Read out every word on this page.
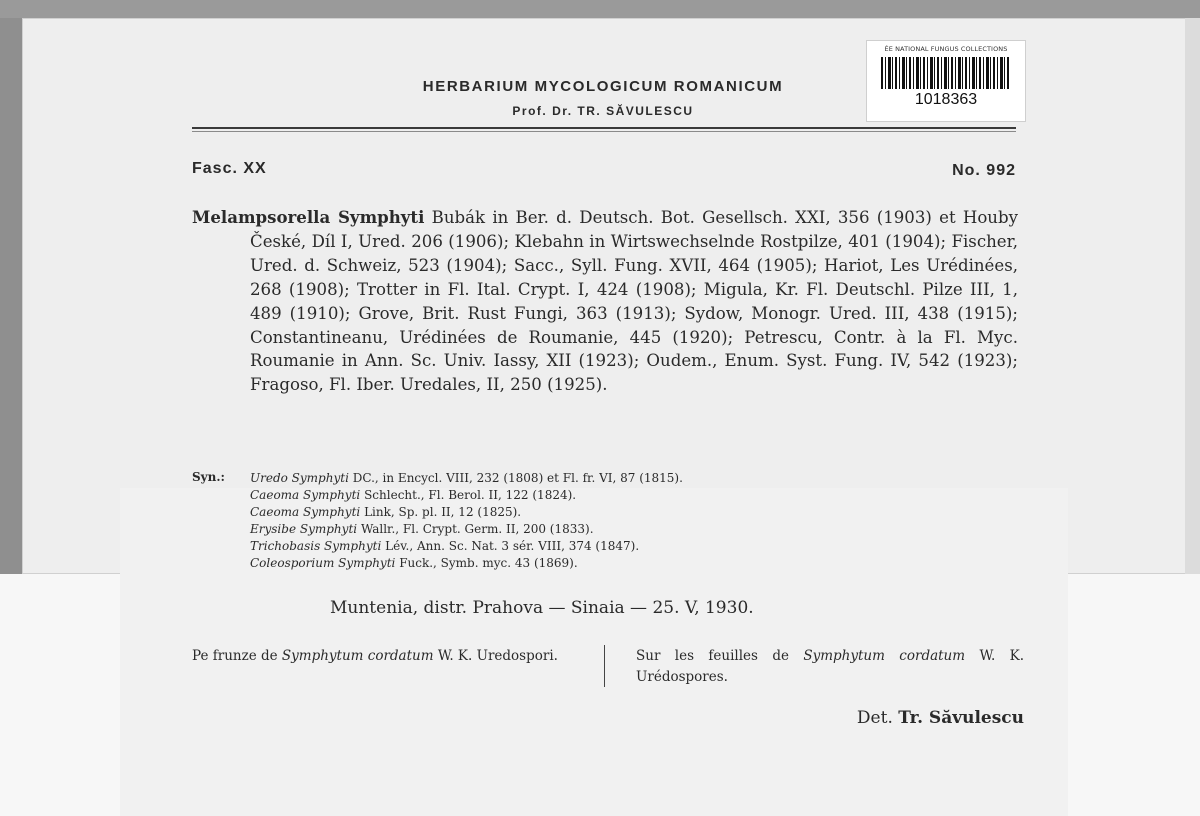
ÉE NATIONAL FUNGUS COLLECTIONS
1018363
HERBARIUM MYCOLOGICUM ROMANICUM
Prof. Dr. TR. SĂVULESCU
Fasc. XX	No. 992
Melampsorella Symphyti Bubák in Ber. d. Deutsch. Bot. Gesellsch. XXI, 356 (1903) et Houby České, Díl I, Ured. 206 (1906); Klebahn in Wirtswechselnde Rostpilze, 401 (1904); Fischer, Ured. d. Schweiz, 523 (1904); Sacc., Syll. Fung. XVII, 464 (1905); Hariot, Les Urédinées, 268 (1908); Trotter in Fl. Ital. Crypt. I, 424 (1908); Migula, Kr. Fl. Deutschl. Pilze III, 1, 489 (1910); Grove, Brit. Rust Fungi, 363 (1913); Sydow, Monogr. Ured. III, 438 (1915); Constantineanu, Urédinées de Roumanie, 445 (1920); Petrescu, Contr. à la Fl. Myc. Roumanie in Ann. Sc. Univ. Iassy, XII (1923); Oudem., Enum. Syst. Fung. IV, 542 (1923); Fragoso, Fl. Iber. Uredales, II, 250 (1925).
Syn.: Uredo Symphyti DC., in Encycl. VIII, 232 (1808) et Fl. fr. VI, 87 (1815).
Caeoma Symphyti Schlecht., Fl. Berol. II, 122 (1824).
Caeoma Symphyti Link, Sp. pl. II, 12 (1825).
Erysibe Symphyti Wallr., Fl. Crypt. Germ. II, 200 (1833).
Trichobasis Symphyti Lév., Ann. Sc. Nat. 3 sér. VIII, 374 (1847).
Coleosporium Symphyti Fuck., Symb. myc. 43 (1869).
Muntenia, distr. Prahova — Sinaia — 25. V, 1930.
Pe frunze de Symphytum cordatum W. K. Uredospori.	Sur les feuilles de Symphytum cordatum W. K. Urédospores.
Det. Tr. Săvulescu
